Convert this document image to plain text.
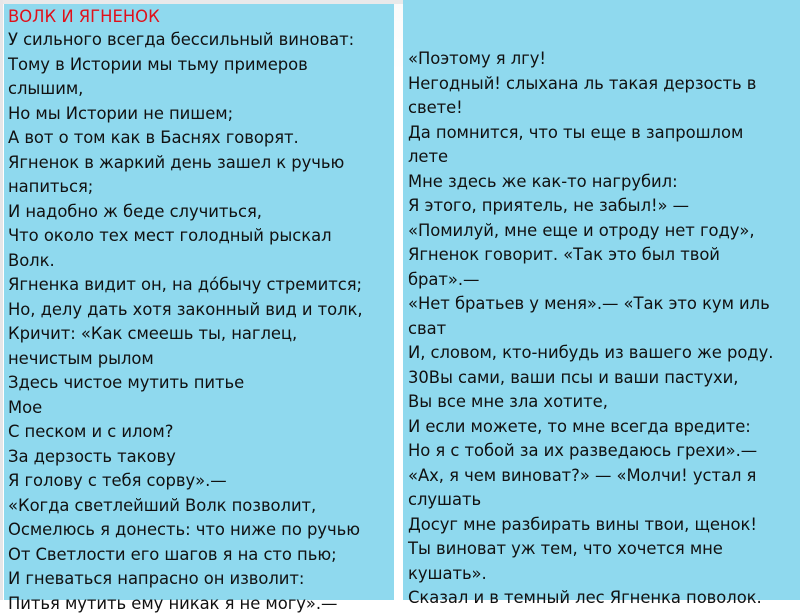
ВОЛК И ЯГНЕНОК
У сильного всегда бессильный виноват:
Тому в Истории мы тьму примеров
слышим,
Но мы Истории не пишем;
А вот о том как в Баснях говорят.
Ягненок в жаркий день зашел к ручью
напиться;
И надобно ж беде случиться,
Что около тех мест голодный рыскал
Волк.
Ягненка видит он, на до́бычу стремится;
Но, делу дать хотя законный вид и толк,
Кричит: «Как смеешь ты, наглец,
нечистым рылом
Здесь чистое мутить питье
Мое
С песком и с илом?
За дерзость такову
Я голову с тебя сорву».—
«Когда светлейший Волк позволит,
Осмелюсь я донесть: что ниже по ручью
От Светлости его шагов я на сто пью;
И гневаться напрасно он изволит:
Питья мутить ему никак я не могу».—
«Поэтому я лгу!
Негодный! слыхана ль такая дерзость в
свете!
Да помнится, что ты еще в запрошлом
лете
Мне здесь же как-то нагрубил:
Я этого, приятель, не забыл!» —
«Помилуй, мне еще и отроду нет году»,
Ягненок говорит. «Так это был твой
брат».—
«Нет братьев у меня».— «Так это кум иль
сват
И, словом, кто-нибудь из вашего же роду.
30Вы сами, ваши псы и ваши пастухи,
Вы все мне зла хотите,
И если можете, то мне всегда вредите:
Но я с тобой за их разведаюсь грехи».—
«Ах, я чем виноват?» — «Молчи! устал я
слушать
Досуг мне разбирать вины твои, щенок!
Ты виноват уж тем, что хочется мне
кушать».
Сказал и в темный лес Ягненка поволок.
